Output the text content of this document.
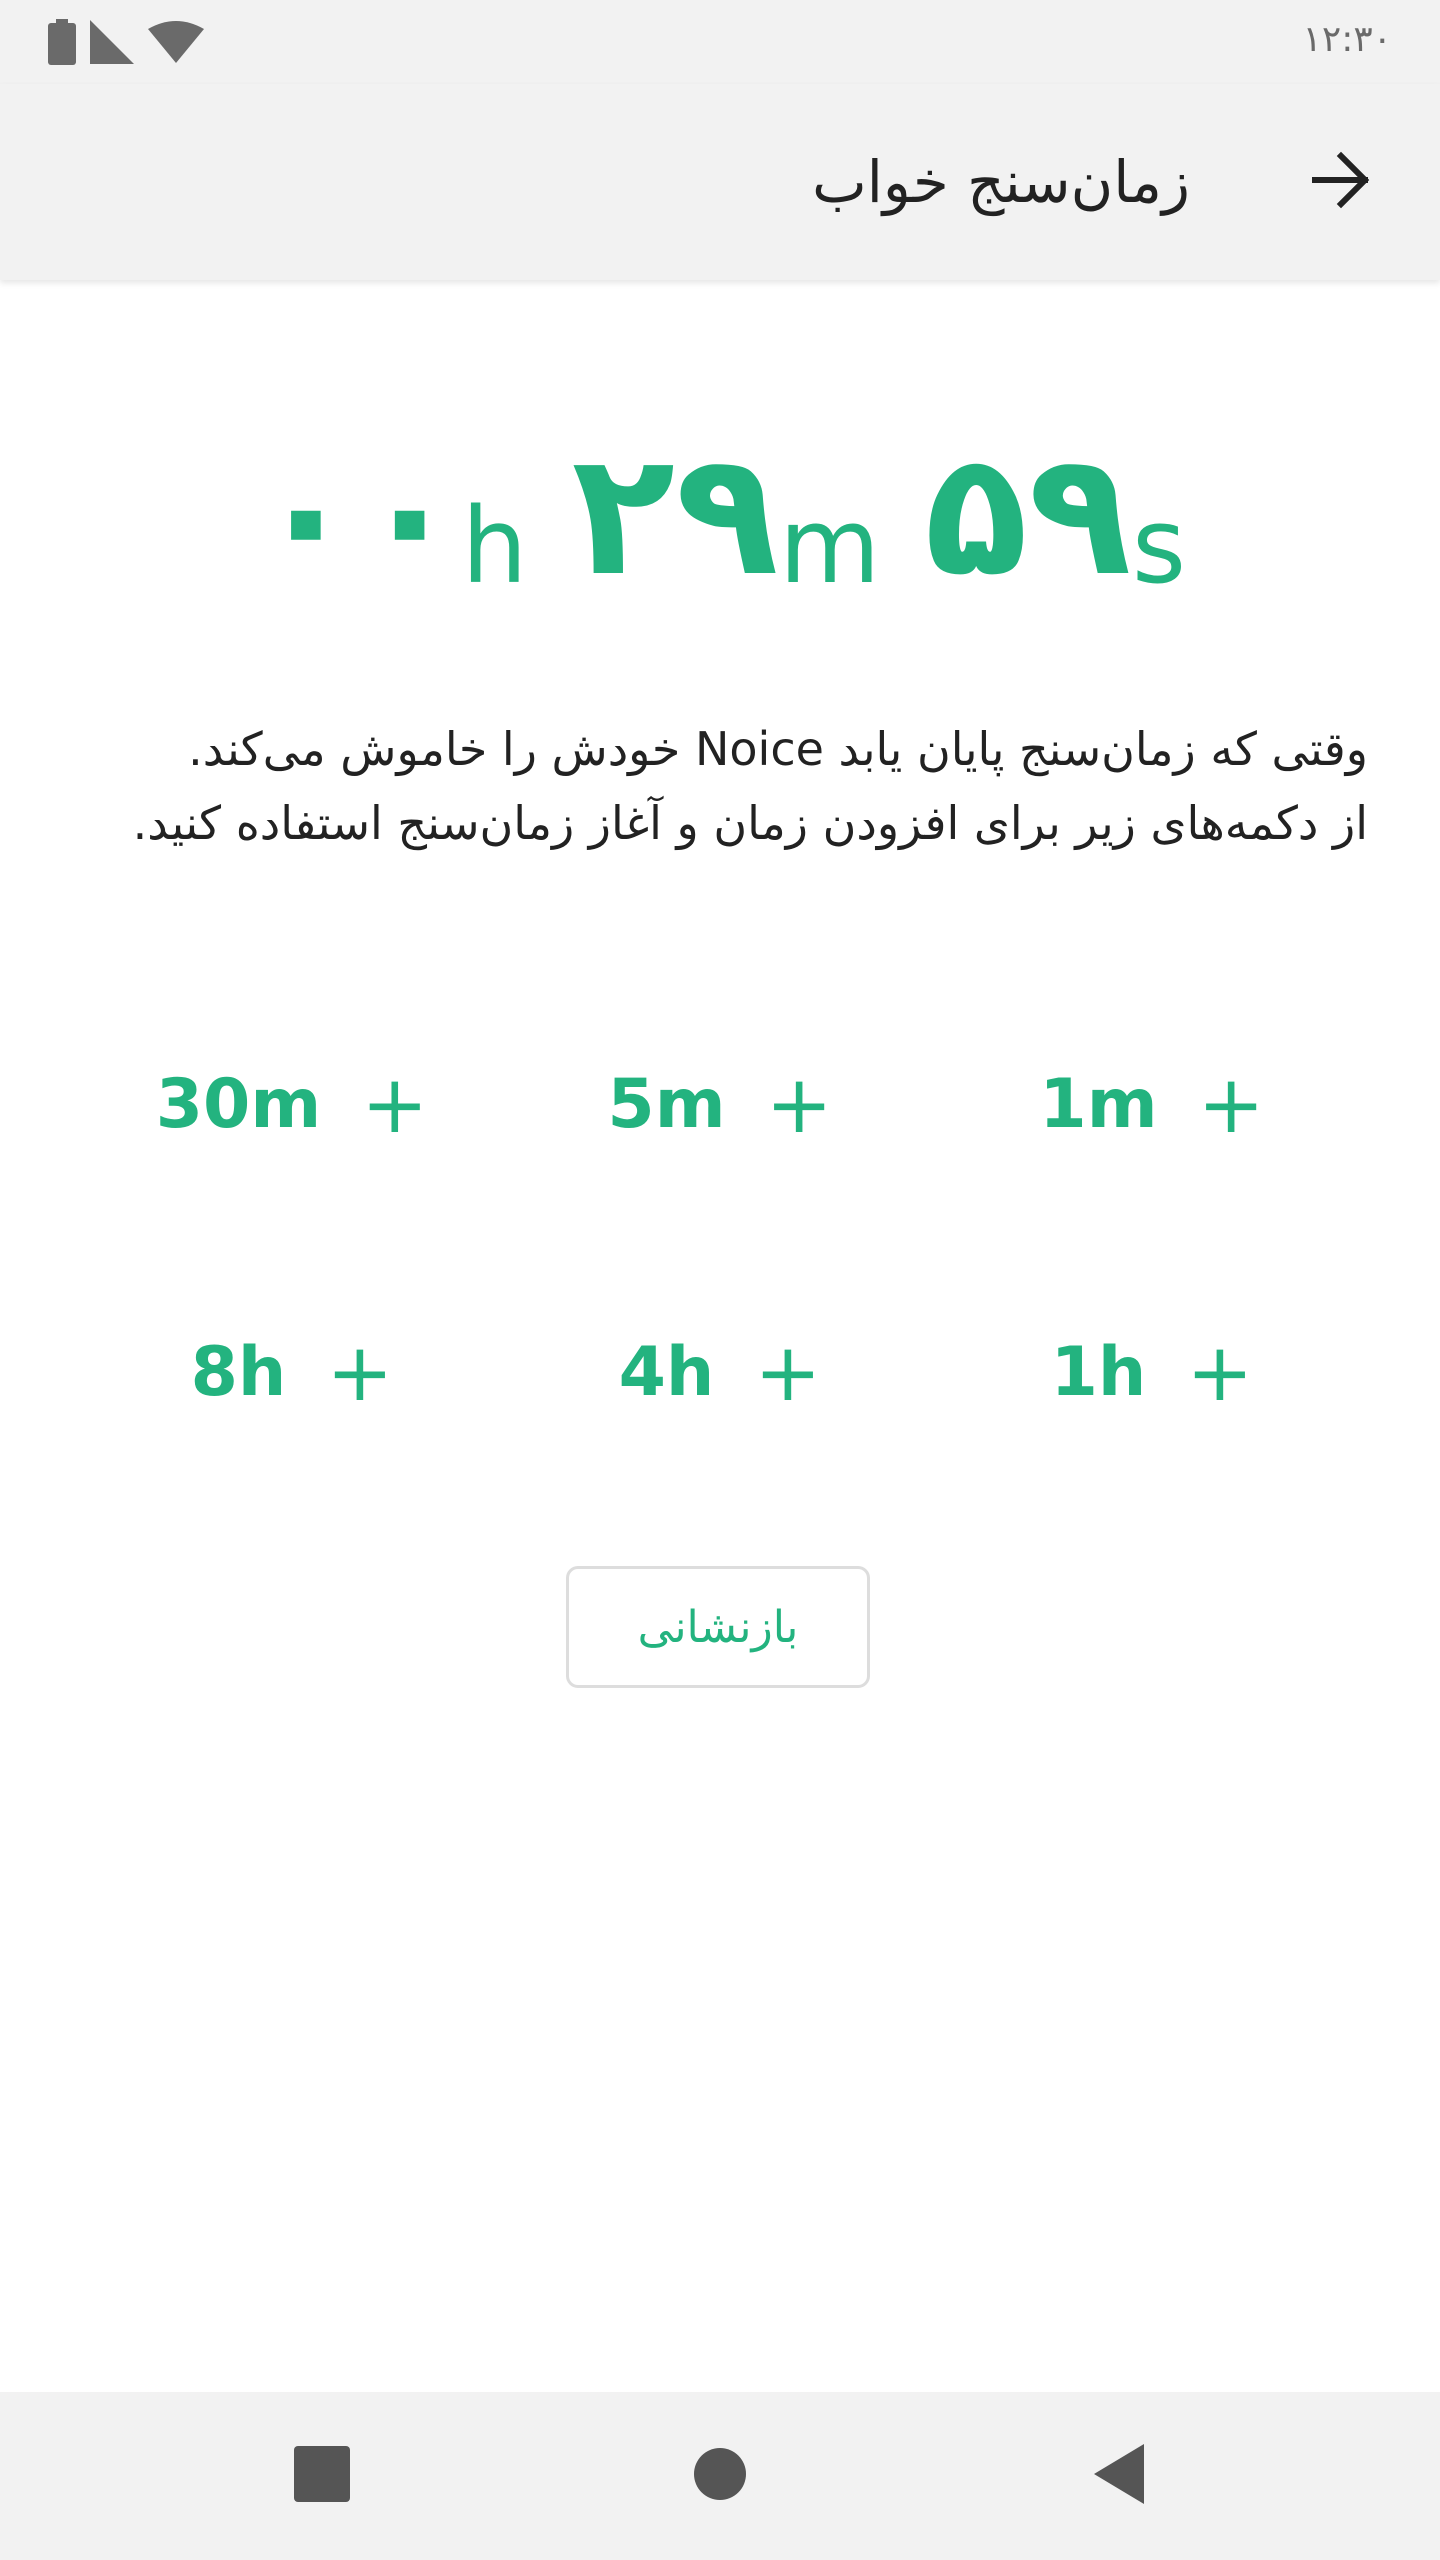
۱۲:۳۰
زمان‌سنج خواب
۰۰ h ۲۹ m ۵۹ s
وقتی که زمان‌سنج پایان یابد Noice خودش را خاموش می‌کند.
از دکمه‌های زیر برای افزودن زمان و آغاز زمان‌سنج استفاده کنید.
30m +	5m +	1m +
8h +	4h +	1h +
بازنشانی
